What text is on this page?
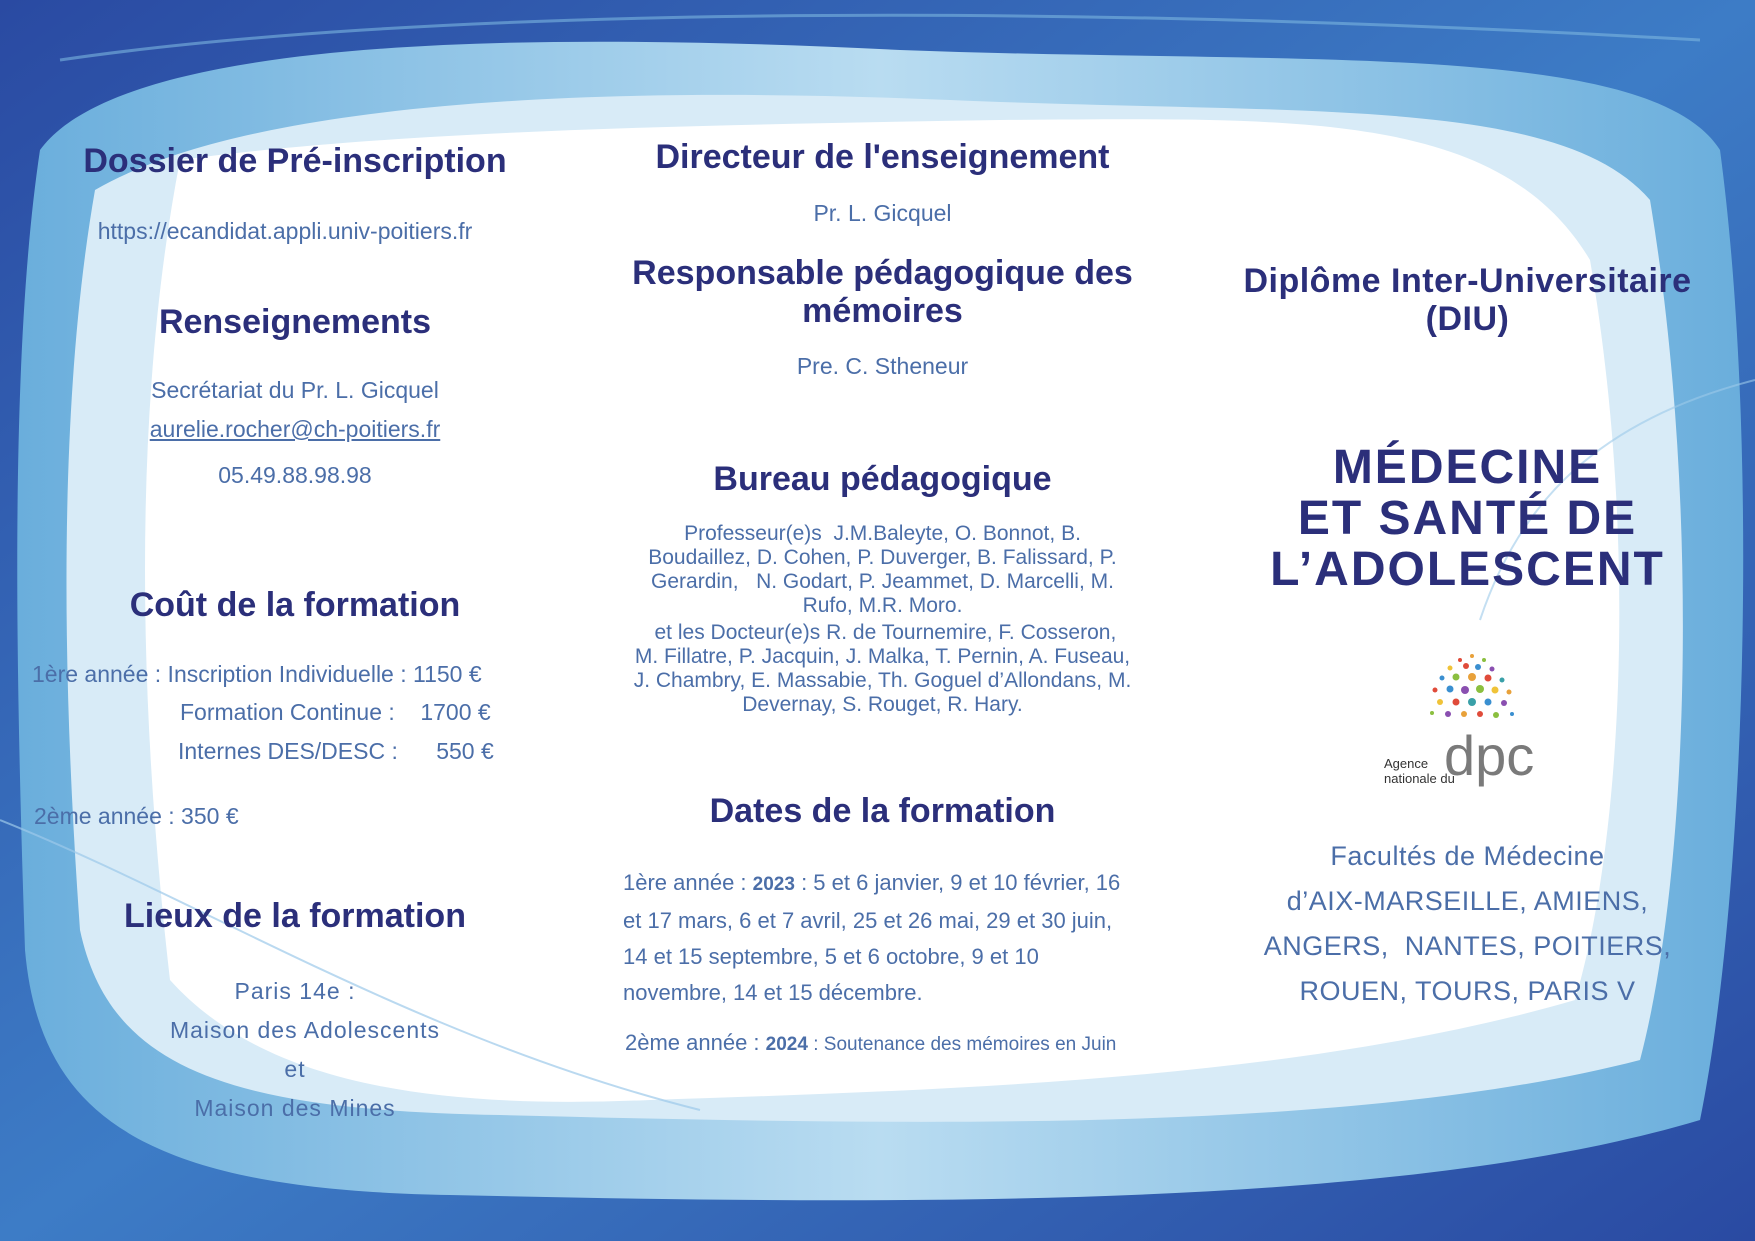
Dossier de Pré-inscription
https://ecandidat.appli.univ-poitiers.fr
Renseignements
Secrétariat du Pr. L. Gicquel
aurelie.rocher@ch-poitiers.fr
05.49.88.98.98
Coût de la formation
1ère année : Inscription Individuelle : 1150 €
Formation Continue :    1700 €
Internes DES/DESC :      550 €
2ème année : 350 €
Lieux de la formation
Paris 14e :
Maison des Adolescents
et
Maison des Mines
Directeur de l'enseignement
Pr. L. Gicquel
Responsable pédagogique des
mémoires
Pre. C. Stheneur
Bureau pédagogique
Professeur(e)s  J.M.Baleyte, O. Bonnot, B.
Boudaillez, D. Cohen, P. Duverger, B. Falissard, P.
Gerardin,   N. Godart, P. Jeammet, D. Marcelli, M.
Rufo, M.R. Moro.
et les Docteur(e)s R. de Tournemire, F. Cosseron,
M. Fillatre, P. Jacquin, J. Malka, T. Pernin, A. Fuseau,
J. Chambry, E. Massabie, Th. Goguel d’Allondans, M.
Devernay, S. Rouget, R. Hary.
Dates de la formation
1ère année : 2023 : 5 et 6 janvier, 9 et 10 février, 16
et 17 mars, 6 et 7 avril, 25 et 26 mai, 29 et 30 juin,
14 et 15 septembre, 5 et 6 octobre, 9 et 10
novembre, 14 et 15 décembre.
2ème année : 2024 : Soutenance des mémoires en Juin
Diplôme Inter-Universitaire
(DIU)
MÉDECINE
ET SANTÉ DE
L’ADOLESCENT
Agence
nationale du
dpc
Facultés de Médecine
d’AIX-MARSEILLE, AMIENS,
ANGERS,  NANTES, POITIERS,
ROUEN, TOURS, PARIS V
